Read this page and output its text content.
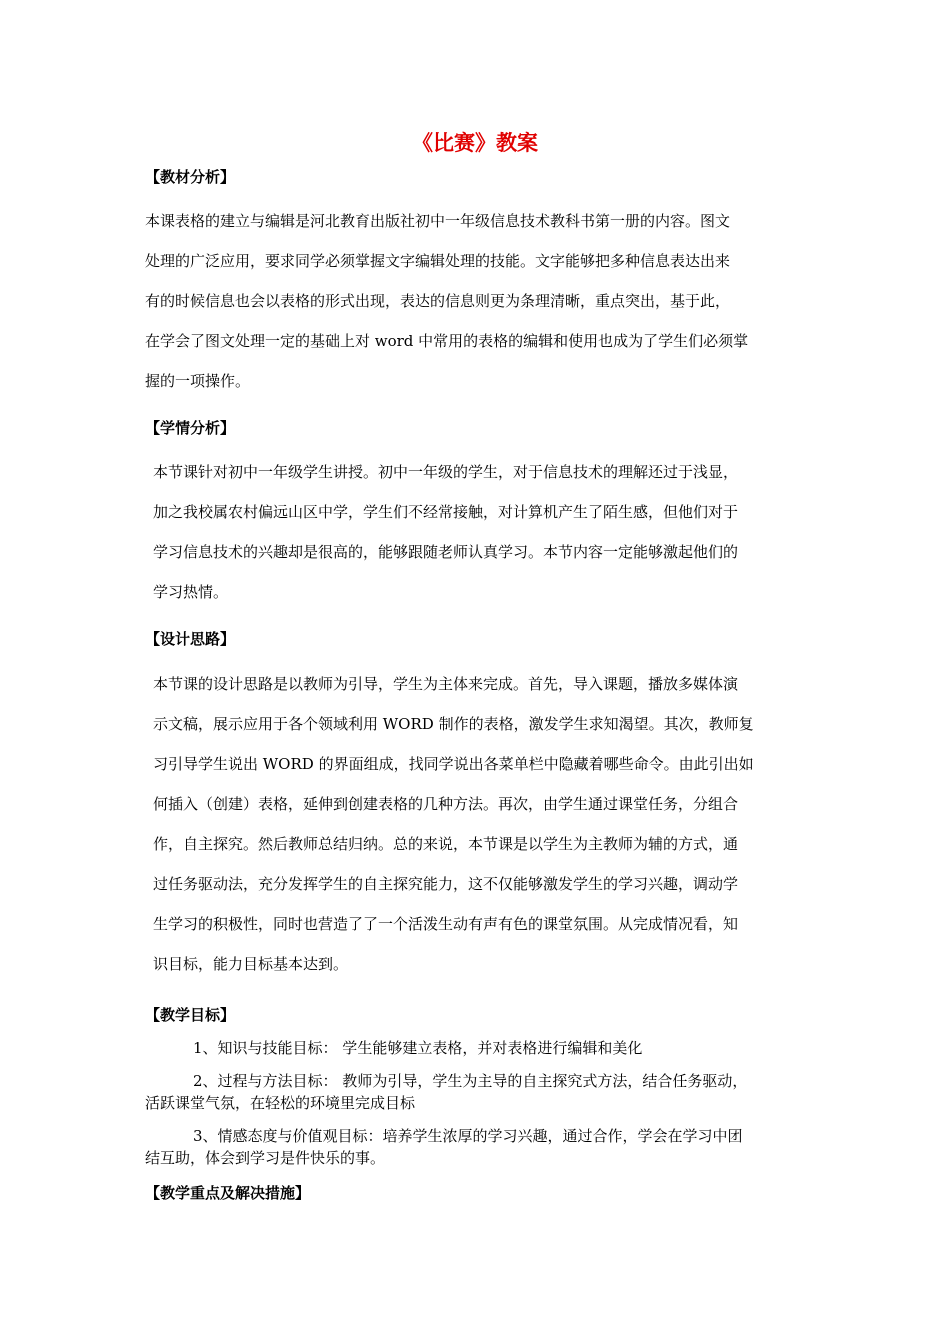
《比赛》教案
【教材分析】
本课表格的建立与编辑是河北教育出版社初中一年级信息技术教科书第一册的内容。图文
处理的广泛应用，要求同学必须掌握文字编辑处理的技能。文字能够把多种信息表达出来
有的时候信息也会以表格的形式出现，表达的信息则更为条理清晰，重点突出，基于此，
在学会了图文处理一定的基础上对 word 中常用的表格的编辑和使用也成为了学生们必须掌
握的一项操作。
【学情分析】
本节课针对初中一年级学生讲授。初中一年级的学生，对于信息技术的理解还过于浅显，
加之我校属农村偏远山区中学，学生们不经常接触，对计算机产生了陌生感，但他们对于
学习信息技术的兴趣却是很高的，能够跟随老师认真学习。本节内容一定能够激起他们的
学习热情。
【设计思路】
本节课的设计思路是以教师为引导，学生为主体来完成。首先，导入课题，播放多媒体演
示文稿，展示应用于各个领域利用 WORD 制作的表格，激发学生求知渴望。其次，教师复
习引导学生说出 WORD 的界面组成，找同学说出各菜单栏中隐藏着哪些命令。由此引出如
何插入（创建）表格，延伸到创建表格的几种方法。再次，由学生通过课堂任务，分组合
作，自主探究。然后教师总结归纳。总的来说，本节课是以学生为主教师为辅的方式，通
过任务驱动法，充分发挥学生的自主探究能力，这不仅能够激发学生的学习兴趣，调动学
生学习的积极性，同时也营造了了一个活泼生动有声有色的课堂氛围。从完成情况看，知
识目标，能力目标基本达到。
【教学目标】
1、知识与技能目标： 学生能够建立表格，并对表格进行编辑和美化
2、过程与方法目标： 教师为引导，学生为主导的自主探究式方法，结合任务驱动，
活跃课堂气氛，在轻松的环境里完成目标
3、情感态度与价值观目标：培养学生浓厚的学习兴趣，通过合作，学会在学习中团
结互助，体会到学习是件快乐的事。
【教学重点及解决措施】
